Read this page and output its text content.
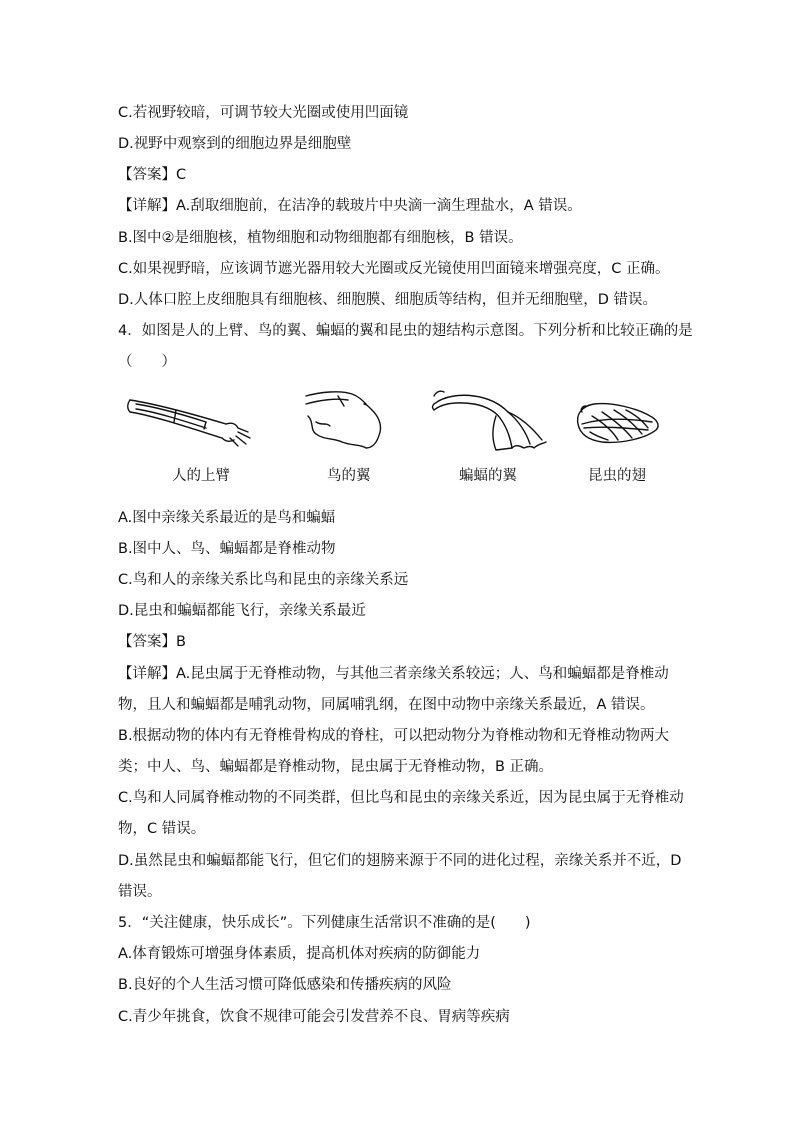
C.若视野较暗，可调节较大光圈或使用凹面镜
D.视野中观察到的细胞边界是细胞壁
【答案】C
【详解】A.刮取细胞前，在洁净的载玻片中央滴一滴生理盐水，A 错误。
B.图中②是细胞核，植物细胞和动物细胞都有细胞核，B 错误。
C.如果视野暗，应该调节遮光器用较大光圈或反光镜使用凹面镜来增强亮度，C 正确。
D.人体口腔上皮细胞具有细胞核、细胞膜、细胞质等结构，但并无细胞壁，D 错误。
4．如图是人的上臂、鸟的翼、蝙蝠的翼和昆虫的翅结构示意图。下列分析和比较正确的是
（　　）
人的上臂	鸟的翼	蝙蝠的翼	昆虫的翅
A.图中亲缘关系最近的是鸟和蝙蝠
B.图中人、鸟、蝙蝠都是脊椎动物
C.鸟和人的亲缘关系比鸟和昆虫的亲缘关系远
D.昆虫和蝙蝠都能飞行，亲缘关系最近
【答案】B
【详解】A.昆虫属于无脊椎动物，与其他三者亲缘关系较远；人、鸟和蝙蝠都是脊椎动
物，且人和蝙蝠都是哺乳动物，同属哺乳纲，在图中动物中亲缘关系最近，A 错误。
B.根据动物的体内有无脊椎骨构成的脊柱，可以把动物分为脊椎动物和无脊椎动物两大
类；中人、鸟、蝙蝠都是脊椎动物，昆虫属于无脊椎动物，B 正确。
C.鸟和人同属脊椎动物的不同类群，但比鸟和昆虫的亲缘关系近，因为昆虫属于无脊椎动
物，C 错误。
D.虽然昆虫和蝙蝠都能飞行，但它们的翅膀来源于不同的进化过程，亲缘关系并不近，D
错误。
5．“关注健康，快乐成长”。下列健康生活常识不准确的是(　　)
A.体育锻炼可增强身体素质，提高机体对疾病的防御能力
B.良好的个人生活习惯可降低感染和传播疾病的风险
C.青少年挑食，饮食不规律可能会引发营养不良、胃病等疾病
